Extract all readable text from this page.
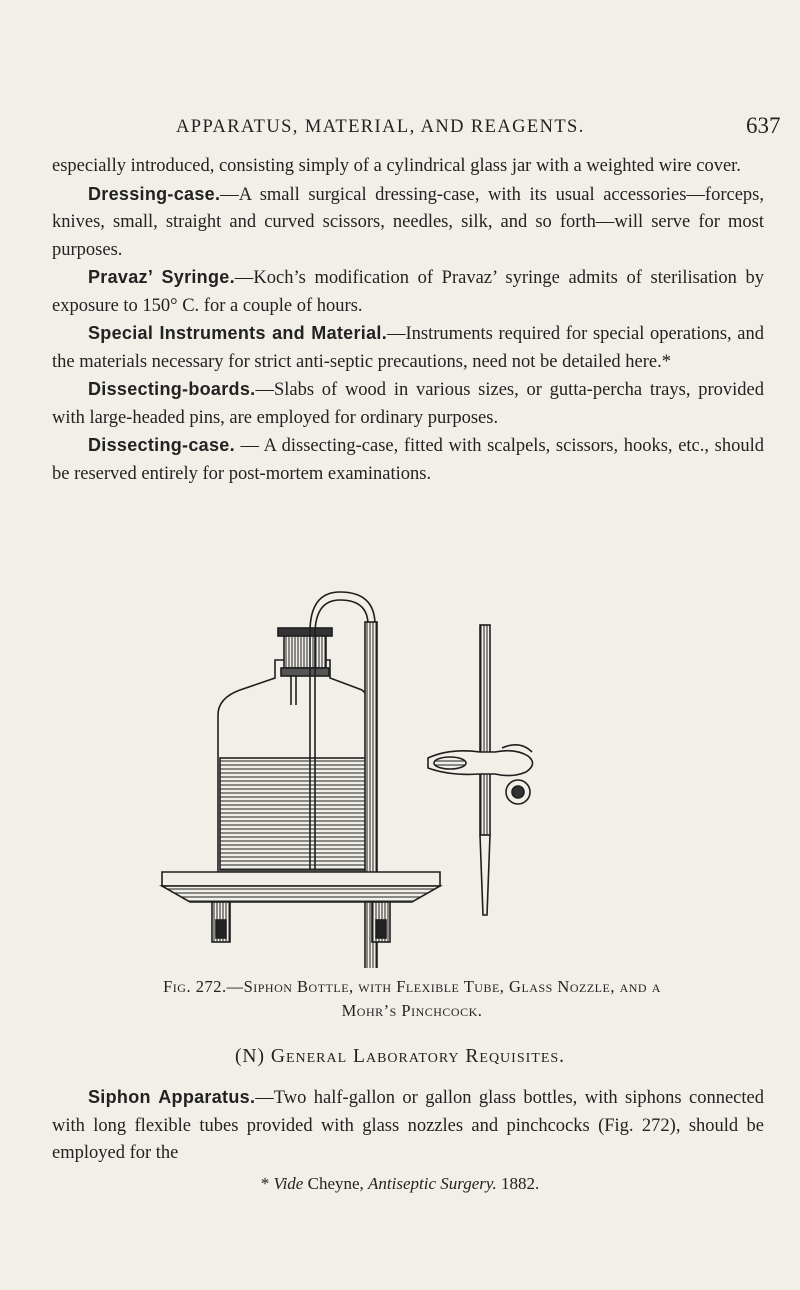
APPARATUS, MATERIAL, AND REAGENTS.	637

especially introduced, consisting simply of a cylindrical glass jar with a weighted wire cover.

Dressing-case.—A small surgical dressing-case, with its usual accessories—forceps, knives, small, straight and curved scissors, needles, silk, and so forth—will serve for most purposes.

Pravaz’ Syringe.—Koch’s modification of Pravaz’ syringe admits of sterilisation by exposure to 150° C. for a couple of hours.

Special Instruments and Material.—Instruments required for special operations, and the materials necessary for strict anti-septic precautions, need not be detailed here.*

Dissecting-boards.—Slabs of wood in various sizes, or gutta-percha trays, provided with large-headed pins, are employed for ordinary purposes.

Dissecting-case. — A dissecting-case, fitted with scalpels, scissors, hooks, etc., should be reserved entirely for post-mortem examinations.

Fig. 272.—Siphon Bottle, with Flexible Tube, Glass Nozzle, and a
Mohr’s Pinchcock.
(N) General Laboratory Requisites.

Siphon Apparatus.—Two half-gallon or gallon glass bottles, with siphons connected with long flexible tubes provided with glass nozzles and pinchcocks (Fig. 272), should be employed for the

* Vide Cheyne, Antiseptic Surgery. 1882.
